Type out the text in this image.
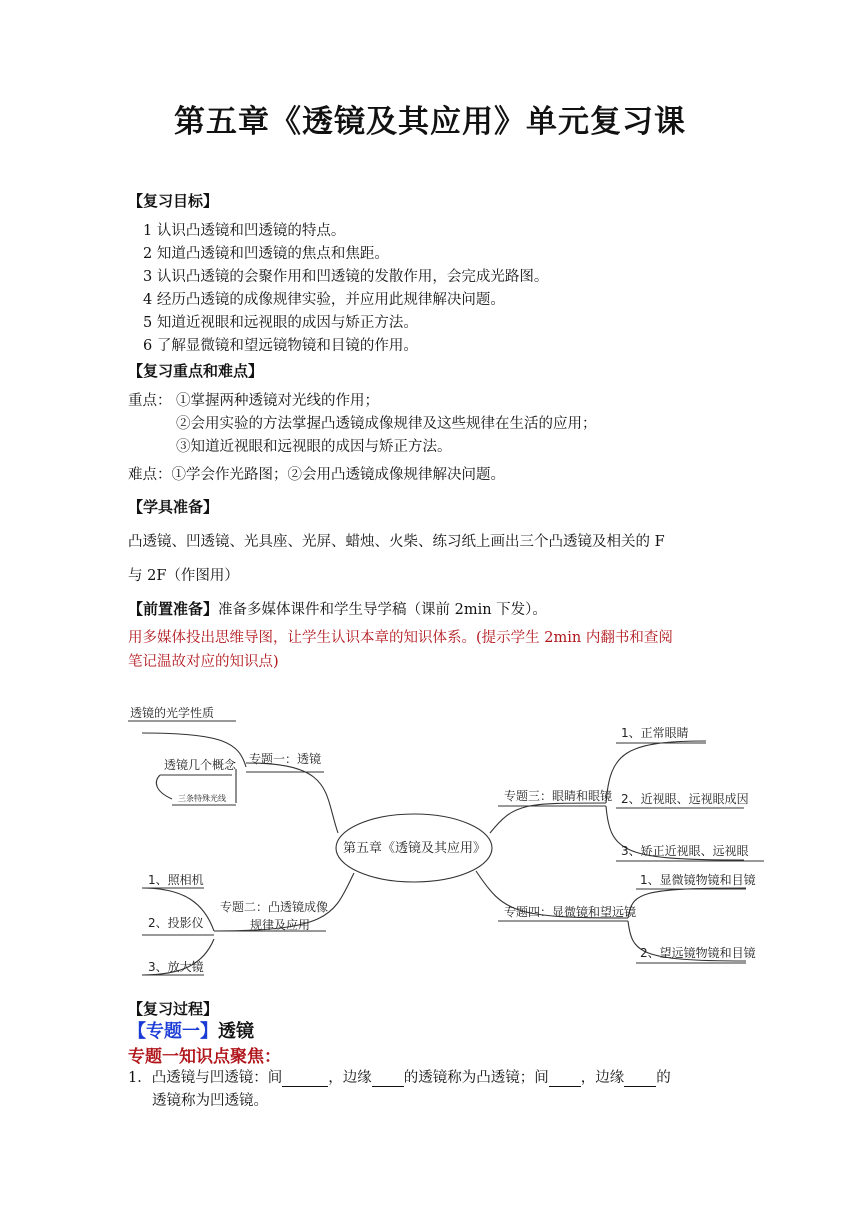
第五章《透镜及其应用》单元复习课
【复习目标】
1 认识凸透镜和凹透镜的特点。
2 知道凸透镜和凹透镜的焦点和焦距。
3 认识凸透镜的会聚作用和凹透镜的发散作用，会完成光路图。
4 经历凸透镜的成像规律实验，并应用此规律解决问题。
5 知道近视眼和远视眼的成因与矫正方法。
6 了解显微镜和望远镜物镜和目镜的作用。
【复习重点和难点】
重点： ①掌握两种透镜对光线的作用；
②会用实验的方法掌握凸透镜成像规律及这些规律在生活的应用；
③知道近视眼和远视眼的成因与矫正方法。
难点：①学会作光路图；②会用凸透镜成像规律解决问题。
【学具准备】
凸透镜、凹透镜、光具座、光屏、蜡烛、火柴、练习纸上画出三个凸透镜及相关的 F
与 2F（作图用）
【前置准备】准备多媒体课件和学生导学稿（课前 2min 下发）。
用多媒体投出思维导图，让学生认识本章的知识体系。(提示学生 2min 内翻书和查阅
笔记温故对应的知识点)
透镜的光学性质
第五章《透镜及其应用》
专题一：透镜
透镜几个概念
三条特殊光线
专题二：凸透镜成像
规律及应用
1、照相机
2、投影仪
3、放大镜
专题三：眼睛和眼镜
1、正常眼睛
2、近视眼、远视眼成因
3、矫正近视眼、远视眼
专题四：显微镜和望远镜
1、显微镜物镜和目镜
2、望远镜物镜和目镜
【复习过程】
【专题一】透镜
专题一知识点聚焦：
1．凸透镜与凹透镜：间	，边缘 的透镜称为凸透镜；间 ，边缘 的
透镜称为凹透镜。
